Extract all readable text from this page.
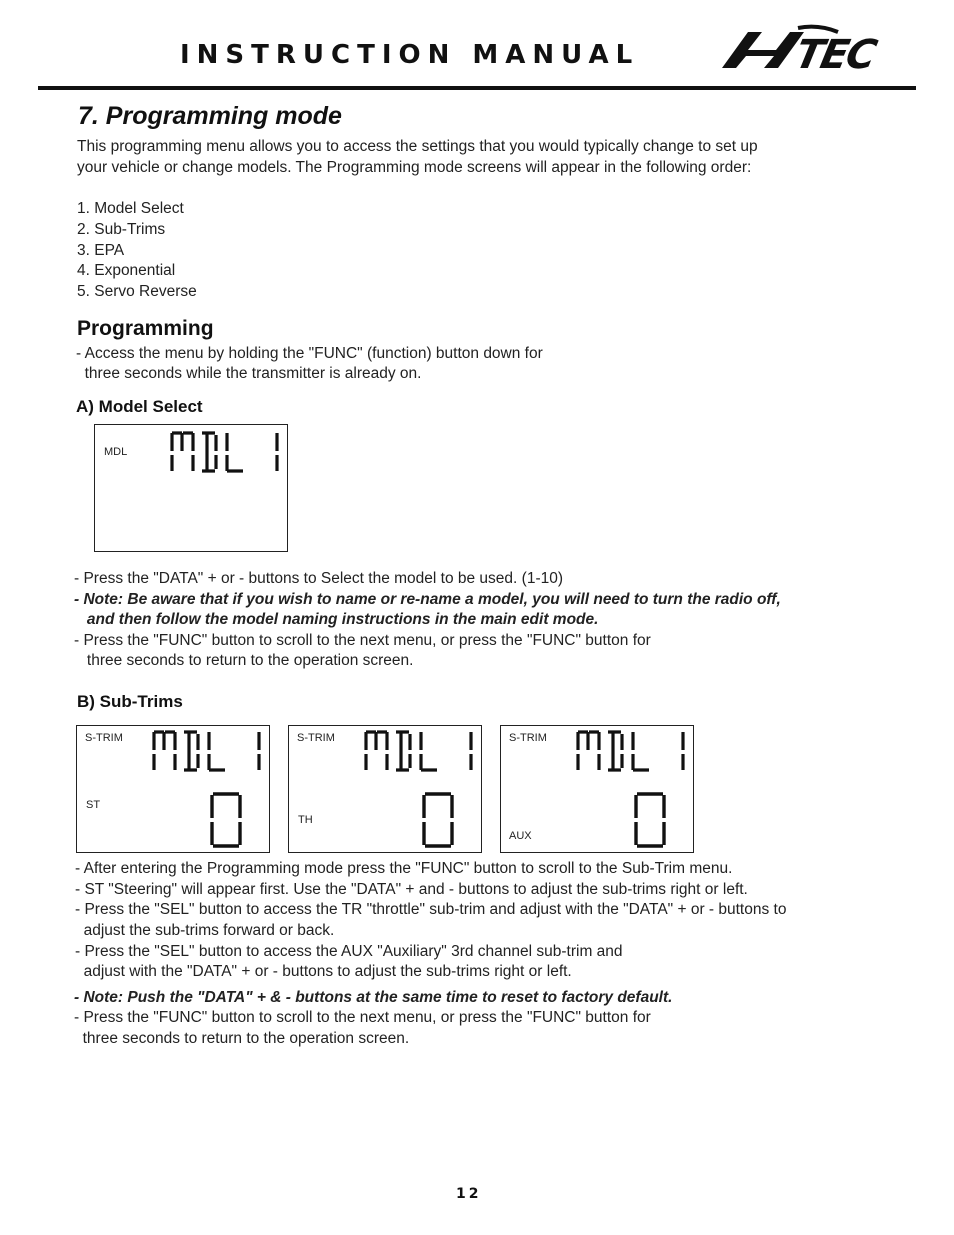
INSTRUCTION MANUAL	TEC
7. Programming mode
This programming menu allows you to access the settings that you would typically change to set up
your vehicle or change models. The Programming mode screens will appear in the following order:
1. Model Select
2. Sub-Trims
3. EPA
4. Exponential
5. Servo Reverse
Programming
- Access the menu by holding the "FUNC" (function) button down for
three seconds while the transmitter is already on.
A) Model Select
MDL
- Press the "DATA" + or - buttons to Select the model to be used. (1-10)
- Note: Be aware that if you wish to name or re-name a model, you will need to turn the radio off,
and then follow the model naming instructions in the main edit mode.
- Press the "FUNC" button to scroll to the next menu, or press the "FUNC" button for
three seconds to return to the operation screen.
B) Sub-Trims
S-TRIM
ST
S-TRIM
TH
S-TRIM
AUX
- After entering the Programming mode press the "FUNC" button to scroll to the Sub-Trim menu.
- ST "Steering" will appear first. Use the "DATA" + and - buttons to adjust the sub-trims right or left.
- Press the "SEL" button to access the TR "throttle" sub-trim and adjust with the "DATA" + or - buttons to
adjust the sub-trims forward or back.
- Press the "SEL" button to access the AUX "Auxiliary" 3rd channel sub-trim and
adjust with the "DATA" + or - buttons to adjust the sub-trims right or left.
- Note: Push the "DATA" + & - buttons at the same time to reset to factory default.
- Press the "FUNC" button to scroll to the next menu, or press the "FUNC" button for
three seconds to return to the operation screen.
12
